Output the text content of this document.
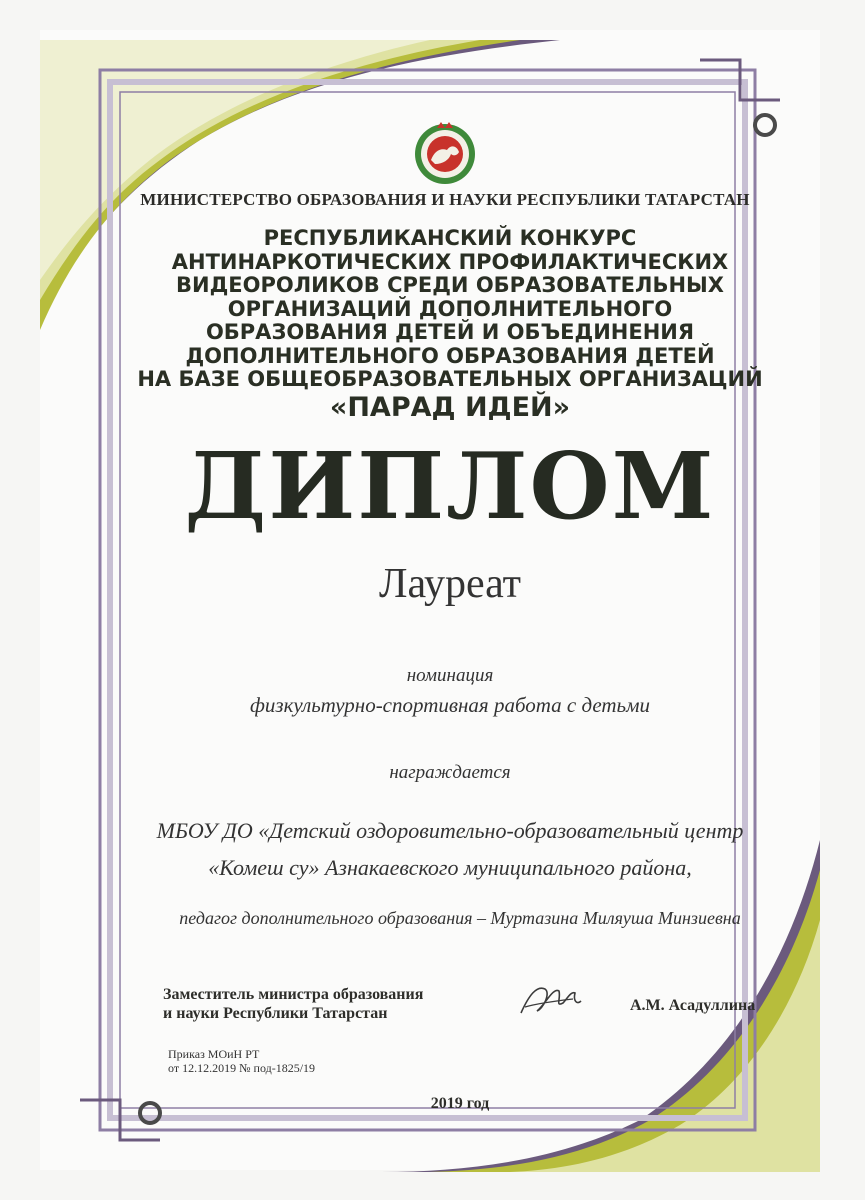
МИНИСТЕРСТВО ОБРАЗОВАНИЯ И НАУКИ РЕСПУБЛИКИ ТАТАРСТАН
РЕСПУБЛИКАНСКИЙ КОНКУРС
АНТИНАРКОТИЧЕСКИХ ПРОФИЛАКТИЧЕСКИХ
ВИДЕОРОЛИКОВ СРЕДИ ОБРАЗОВАТЕЛЬНЫХ
ОРГАНИЗАЦИЙ ДОПОЛНИТЕЛЬНОГО
ОБРАЗОВАНИЯ ДЕТЕЙ И ОБЪЕДИНЕНИЯ
ДОПОЛНИТЕЛЬНОГО ОБРАЗОВАНИЯ ДЕТЕЙ
НА БАЗЕ ОБЩЕОБРАЗОВАТЕЛЬНЫХ ОРГАНИЗАЦИЙ
«ПАРАД ИДЕЙ»
ДИПЛОМ
Лауреат
номинация
физкультурно-спортивная работа с детьми
награждается
МБОУ ДО «Детский оздоровительно-образовательный центр
«Комеш су» Азнакаевского муниципального района,
педагог дополнительного образования – Муртазина Миляуша Минзиевна
Заместитель министра образования
и науки Республики Татарстан	А.М. Асадуллина
Приказ МОиН РТ
от 12.12.2019 № под-1825/19
2019 год
